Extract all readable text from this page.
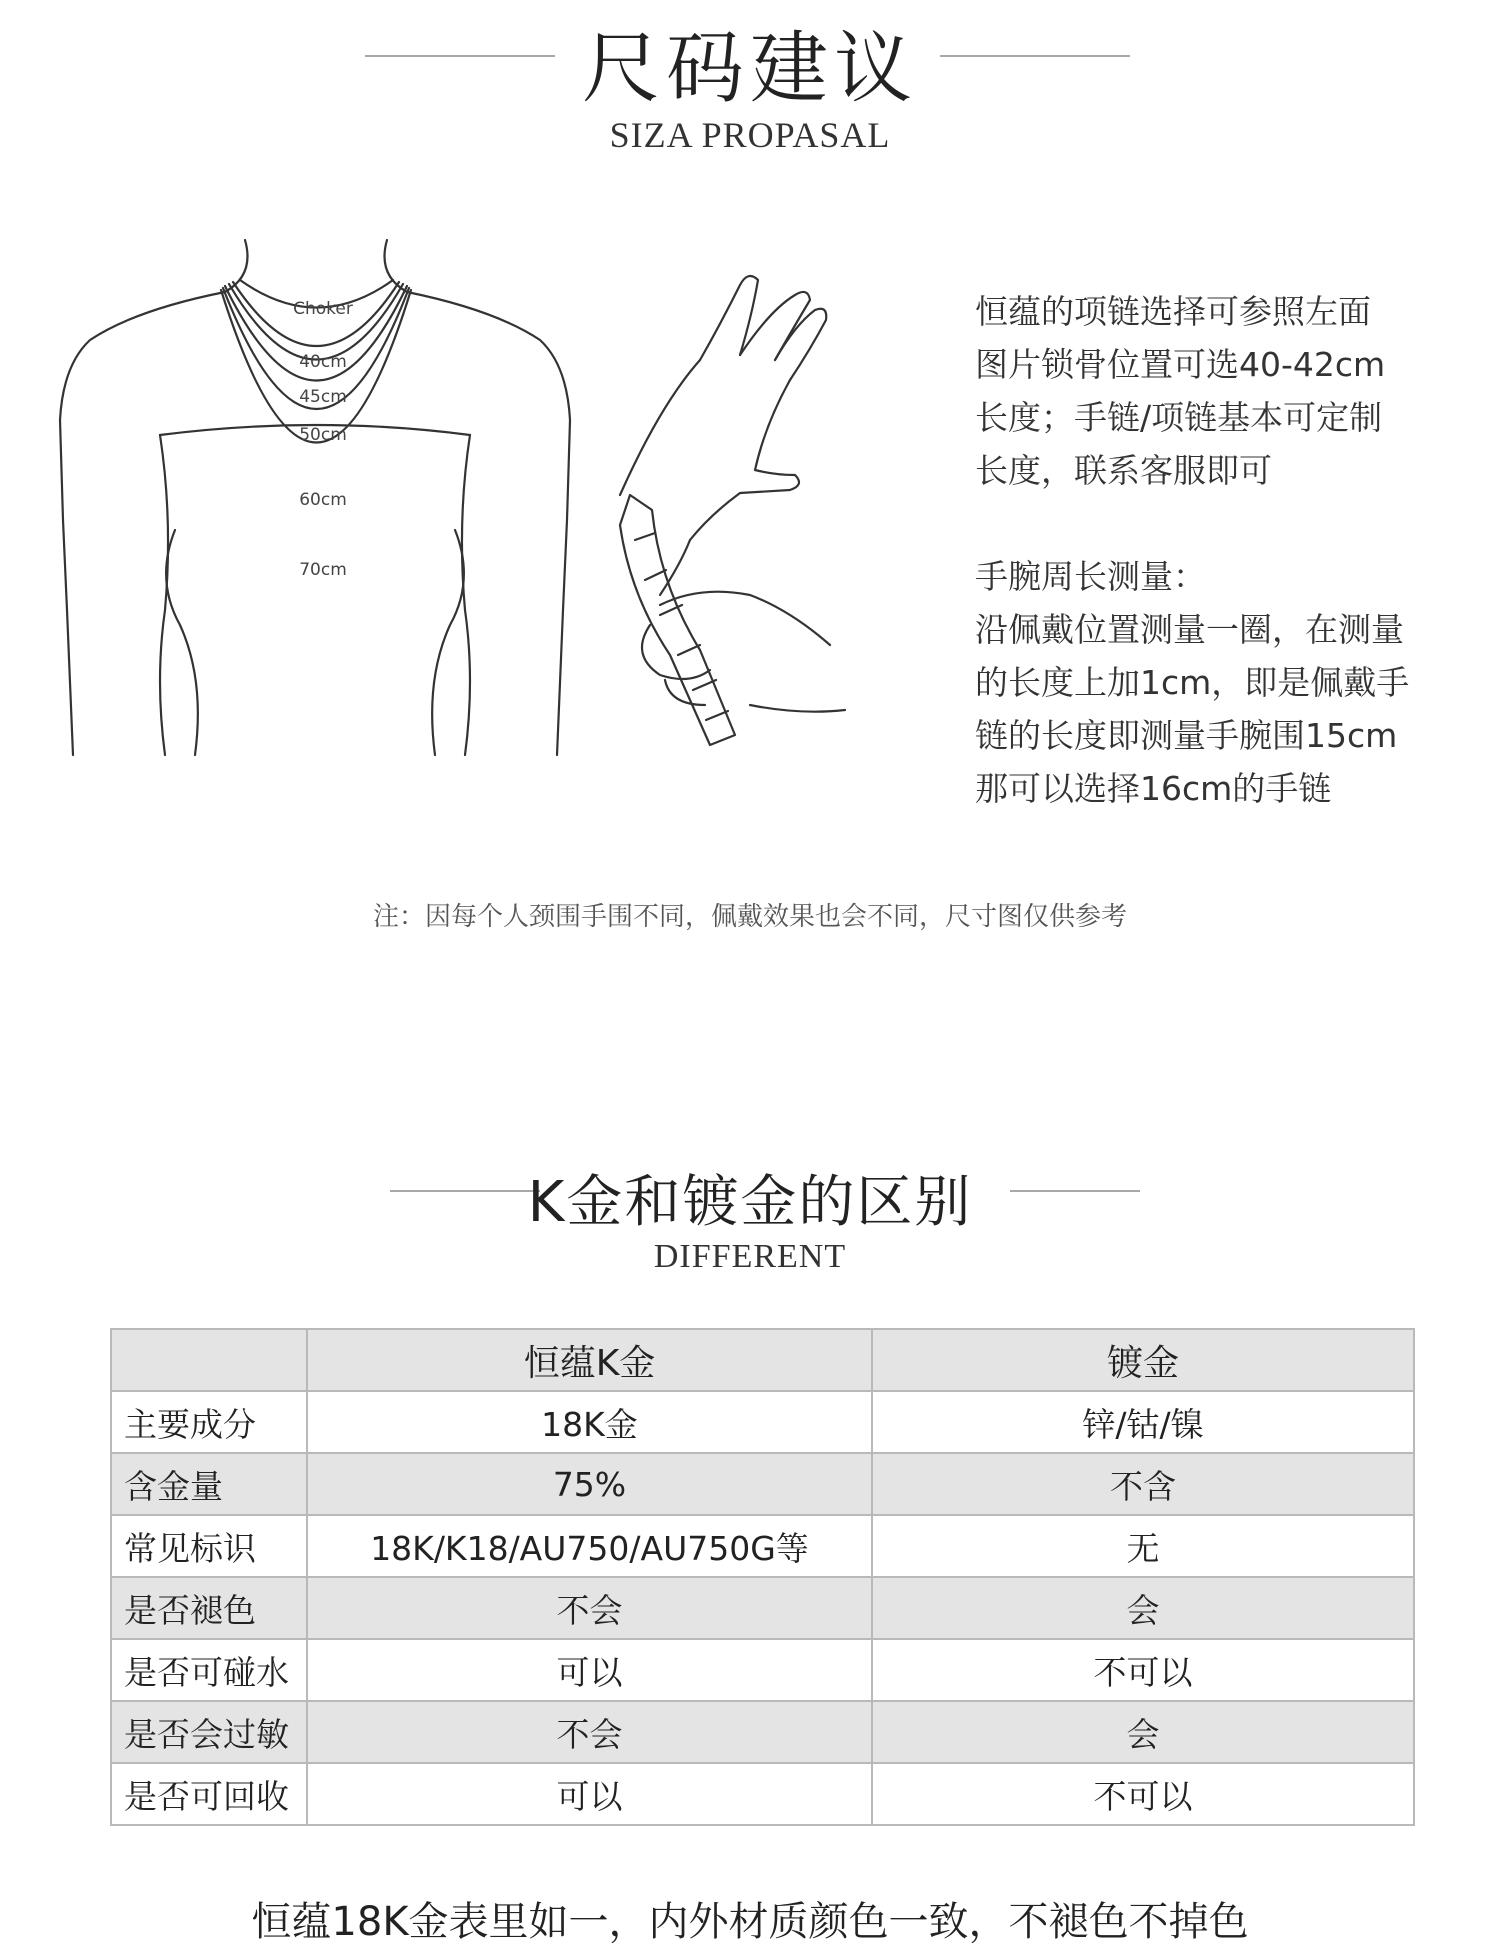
尺码建议
SIZA PROPASAL
Choker
40cm
45cm
50cm
60cm
70cm
恒蕴的项链选择可参照左面
图片锁骨位置可选40-42cm
长度；手链/项链基本可定制
长度，联系客服即可
手腕周长测量：
沿佩戴位置测量一圈，在测量
的长度上加1cm，即是佩戴手
链的长度即测量手腕围15cm
那可以选择16cm的手链
注：因每个人颈围手围不同，佩戴效果也会不同，尺寸图仅供参考
K金和镀金的区别
DIFFERENT
	恒蕴K金	镀金
主要成分	18K金	锌/钴/镍
含金量	75%	不含
常见标识	18K/K18/AU750/AU750G等	无
是否褪色	不会	会
是否可碰水	可以	不可以
是否会过敏	不会	会
是否可回收	可以	不可以
恒蕴18K金表里如一，内外材质颜色一致，不褪色不掉色
